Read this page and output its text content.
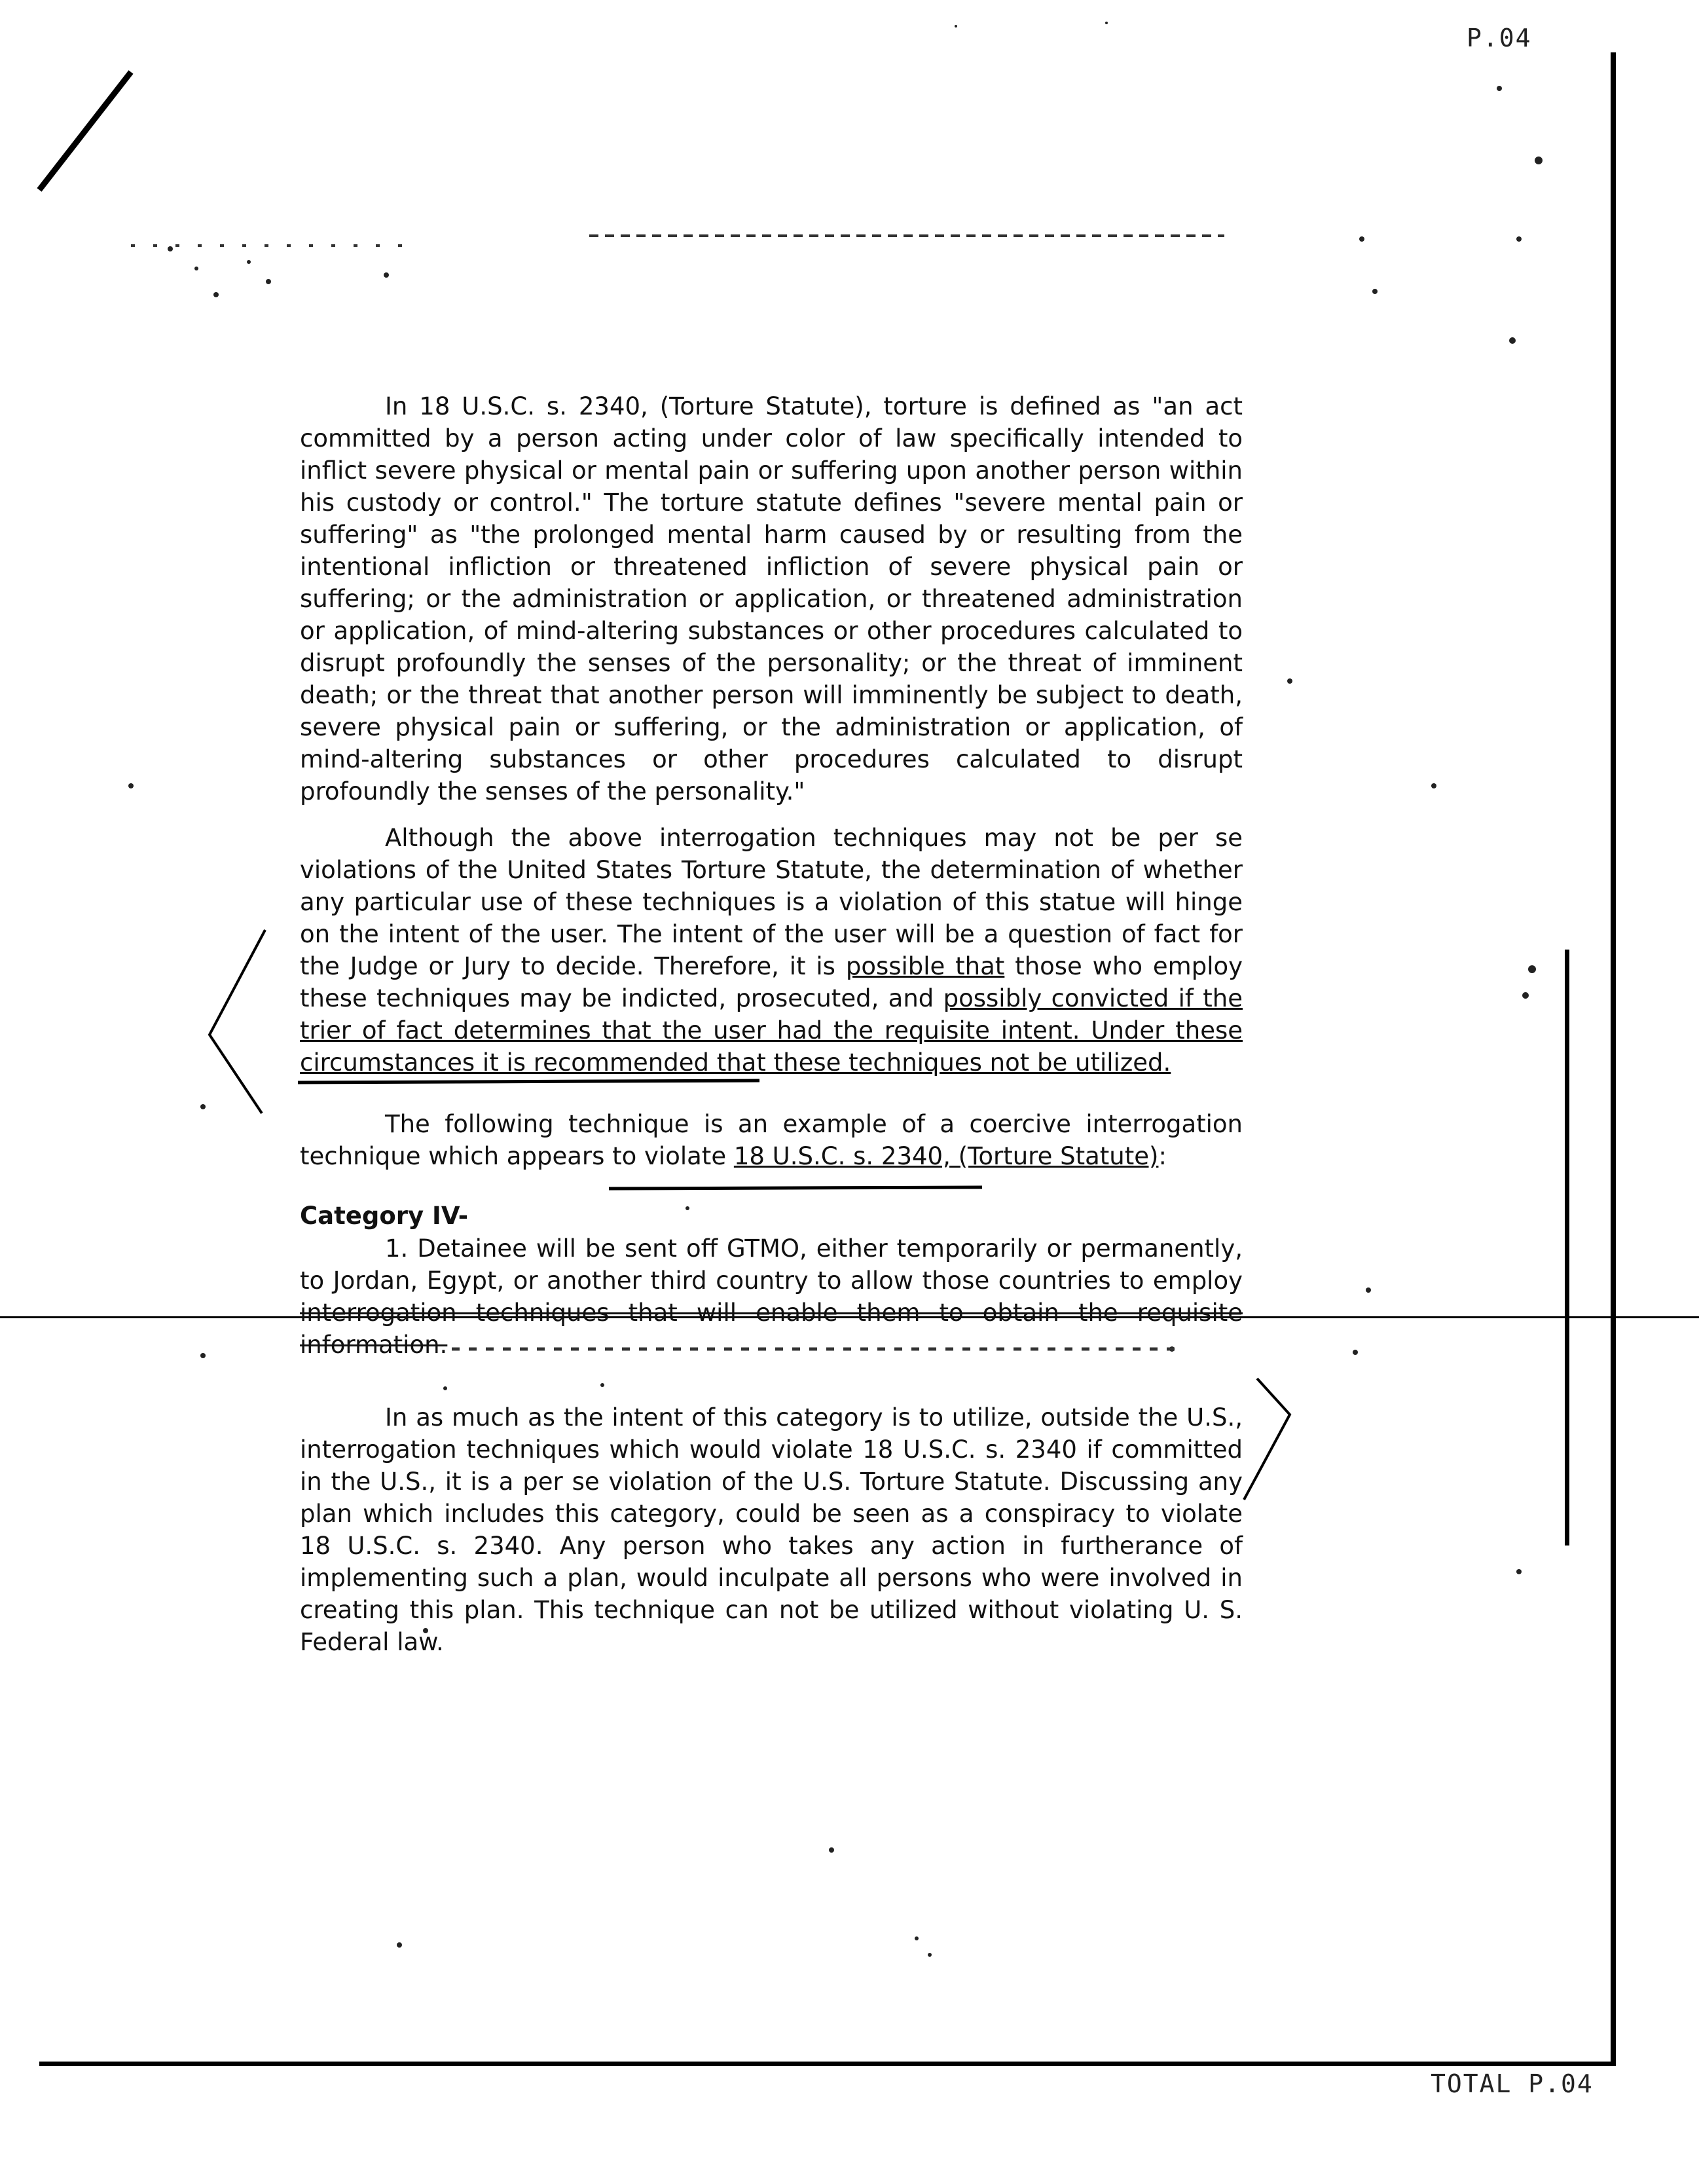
P.04

In 18 U.S.C. s. 2340, (Torture Statute), torture is defined as "an act committed by a person acting under color of law specifically intended to inflict severe physical or mental pain or suffering upon another person within his custody or control." The torture statute defines "severe mental pain or suffering" as "the prolonged mental harm caused by or resulting from the intentional infliction or threatened infliction of severe physical pain or suffering; or the administration or application, or threatened administration or application, of mind-altering substances or other procedures calculated to disrupt profoundly the senses of the personality; or the threat of imminent death; or the threat that another person will imminently be subject to death, severe physical pain or suffering, or the administration or application, of mind-altering substances or other procedures calculated to disrupt profoundly the senses of the personality."

Although the above interrogation techniques may not be per se violations of the United States Torture Statute, the determination of whether any particular use of these techniques is a violation of this statue will hinge on the intent of the user. The intent of the user will be a question of fact for the Judge or Jury to decide. Therefore, it is possible that those who employ these techniques may be indicted, prosecuted, and possibly convicted if the trier of fact determines that the user had the requisite intent. Under these circumstances it is recommended that these techniques not be utilized.

The following technique is an example of a coercive interrogation technique which appears to violate 18 U.S.C. s. 2340, (Torture Statute):

Category IV-

1. Detainee will be sent off GTMO, either temporarily or permanently, to Jordan, Egypt, or another third country to allow those countries to employ interrogation techniques that will enable them to obtain the requisite information.

In as much as the intent of this category is to utilize, outside the U.S., interrogation techniques which would violate 18 U.S.C. s. 2340 if committed in the U.S., it is a per se violation of the U.S. Torture Statute. Discussing any plan which includes this category, could be seen as a conspiracy to violate 18 U.S.C. s. 2340. Any person who takes any action in furtherance of implementing such a plan, would inculpate all persons who were involved in creating this plan. This technique can not be utilized without violating U. S. Federal law.

TOTAL P.04
